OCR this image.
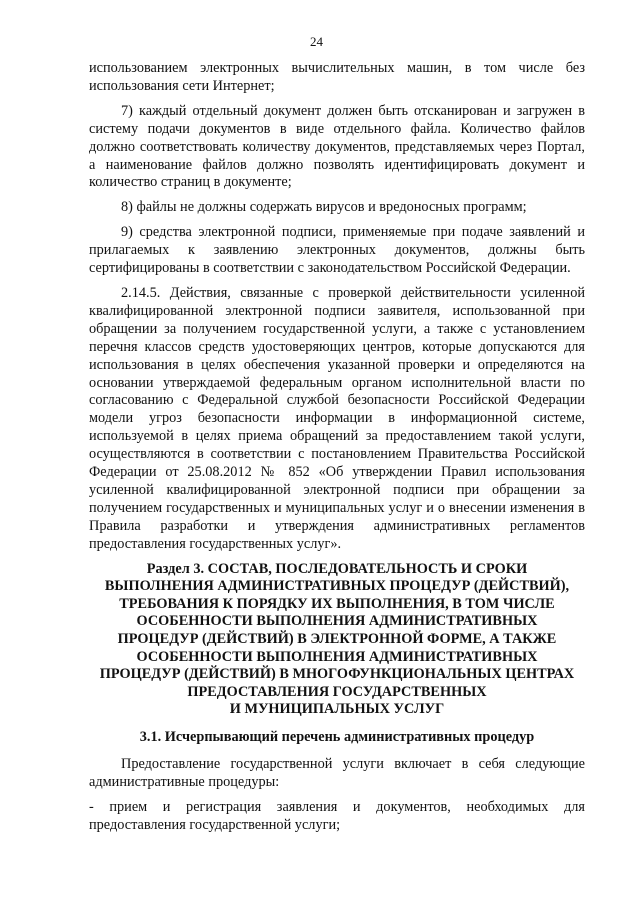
24

использованием электронных вычислительных машин, в том числе без использования сети Интернет;

7) каждый отдельный документ должен быть отсканирован и загружен в систему подачи документов в виде отдельного файла. Количество файлов должно соответствовать количеству документов, представляемых через Портал, а наименование файлов должно позволять идентифицировать документ и количество страниц в документе;

8) файлы не должны содержать вирусов и вредоносных программ;

9) средства электронной подписи, применяемые при подаче заявлений и прилагаемых к заявлению электронных документов, должны быть сертифицированы в соответствии с законодательством Российской Федерации.

2.14.5. Действия, связанные с проверкой действительности усиленной квалифицированной электронной подписи заявителя, использованной при обращении за получением государственной услуги, а также с установлением перечня классов средств удостоверяющих центров, которые допускаются для использования в целях обеспечения указанной проверки и определяются на основании утверждаемой федеральным органом исполнительной власти по согласованию с Федеральной службой безопасности Российской Федерации модели угроз безопасности информации в информационной системе, используемой в целях приема обращений за предоставлением такой услуги, осуществляются в соответствии с постановлением Правительства Российской Федерации от 25.08.2012 № 852 «Об утверждении Правил использования усиленной квалифицированной электронной подписи при обращении за получением государственных и муниципальных услуг и о внесении изменения в Правила разработки и утверждения административных регламентов предоставления государственных услуг».

Раздел 3. СОСТАВ, ПОСЛЕДОВАТЕЛЬНОСТЬ И СРОКИ
ВЫПОЛНЕНИЯ АДМИНИСТРАТИВНЫХ ПРОЦЕДУР (ДЕЙСТВИЙ),
ТРЕБОВАНИЯ К ПОРЯДКУ ИХ ВЫПОЛНЕНИЯ, В ТОМ ЧИСЛЕ
ОСОБЕННОСТИ ВЫПОЛНЕНИЯ АДМИНИСТРАТИВНЫХ
ПРОЦЕДУР (ДЕЙСТВИЙ) В ЭЛЕКТРОННОЙ ФОРМЕ, А ТАКЖЕ
ОСОБЕННОСТИ ВЫПОЛНЕНИЯ АДМИНИСТРАТИВНЫХ
ПРОЦЕДУР (ДЕЙСТВИЙ) В МНОГОФУНКЦИОНАЛЬНЫХ ЦЕНТРАХ
ПРЕДОСТАВЛЕНИЯ ГОСУДАРСТВЕННЫХ
И МУНИЦИПАЛЬНЫХ УСЛУГ
3.1. Исчерпывающий перечень административных процедур

Предоставление государственной услуги включает в себя следующие административные процедуры:

- прием и регистрация заявления и документов, необходимых для предоставления государственной услуги;
